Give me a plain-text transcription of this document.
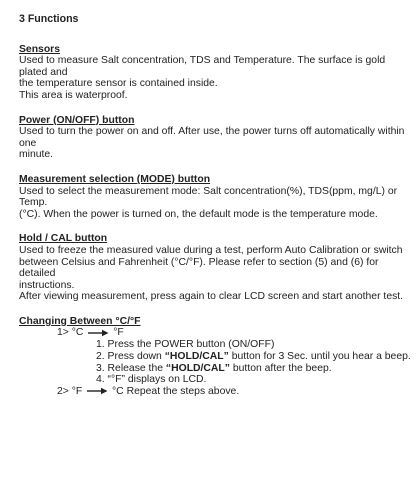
3 Functions
Sensors
Used to measure Salt concentration, TDS and Temperature. The surface is gold plated and
the temperature sensor is contained inside.
This area is waterproof.
Power (ON/OFF) button
Used to turn the power on and off. After use, the power turns off automatically within one
minute.
Measurement selection (MODE) button
Used to select the measurement mode: Salt concentration(%), TDS(ppm, mg/L) or Temp.
(°C). When the power is turned on, the default mode is the temperature mode.
Hold / CAL button
Used to freeze the measured value during a test, perform Auto Calibration or switch
between Celsius and Fahrenheit (°C/°F). Please refer to section (5) and (6) for detailed
instructions.
After viewing measurement, press again to clear LCD screen and start another test.
Changing Between °C/°F
1> °C	°F
1. Press the POWER button (ON/OFF)
2. Press down “HOLD/CAL” button for 3 Sec. until you hear a beep.
3. Release the “HOLD/CAL” button after the beep.
4. “°F” displays on LCD.
2> °F	°C Repeat the steps above.
